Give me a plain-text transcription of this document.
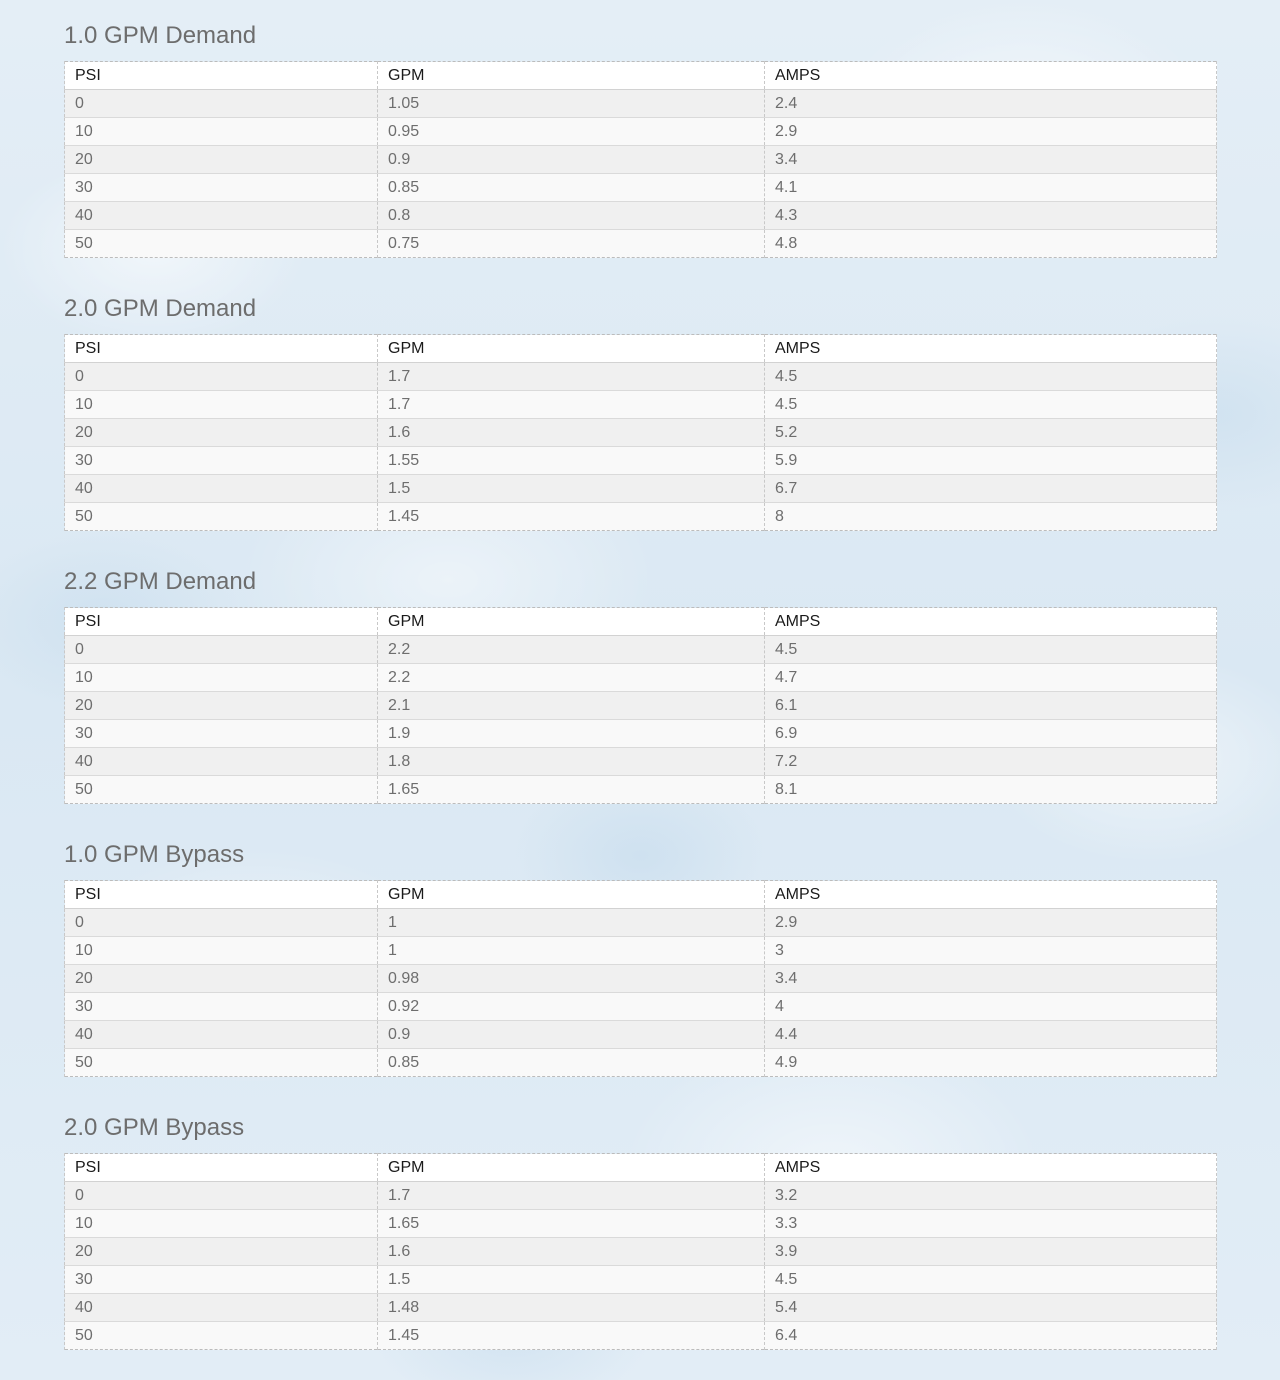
1.0 GPM Demand
PSI	GPM	AMPS
0	1.05	2.4
10	0.95	2.9
20	0.9	3.4
30	0.85	4.1
40	0.8	4.3
50	0.75	4.8
2.0 GPM Demand
PSI	GPM	AMPS
0	1.7	4.5
10	1.7	4.5
20	1.6	5.2
30	1.55	5.9
40	1.5	6.7
50	1.45	8
2.2 GPM Demand
PSI	GPM	AMPS
0	2.2	4.5
10	2.2	4.7
20	2.1	6.1
30	1.9	6.9
40	1.8	7.2
50	1.65	8.1
1.0 GPM Bypass
PSI	GPM	AMPS
0	1	2.9
10	1	3
20	0.98	3.4
30	0.92	4
40	0.9	4.4
50	0.85	4.9
2.0 GPM Bypass
PSI	GPM	AMPS
0	1.7	3.2
10	1.65	3.3
20	1.6	3.9
30	1.5	4.5
40	1.48	5.4
50	1.45	6.4
